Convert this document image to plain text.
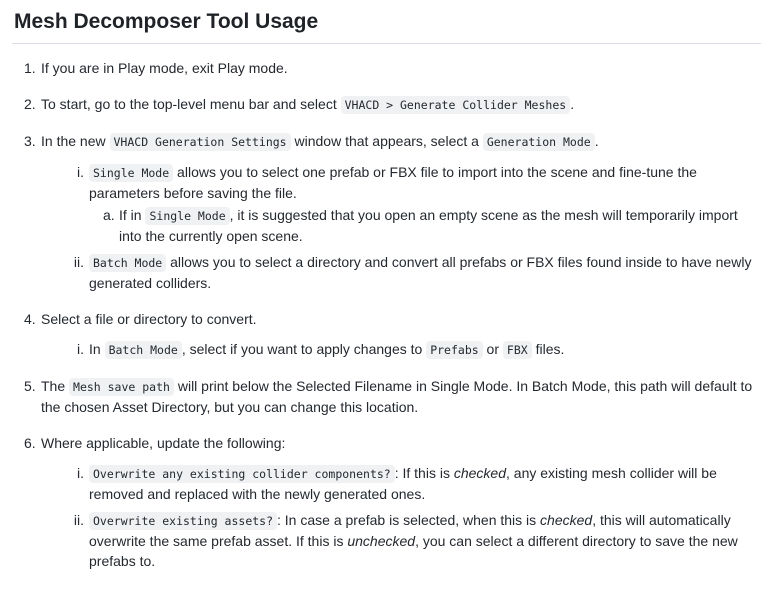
Mesh Decomposer Tool Usage
1. If you are in Play mode, exit Play mode.
2. To start, go to the top-level menu bar and select VHACD > Generate Collider Meshes .
3. In the new VHACD Generation Settings window that appears, select a Generation Mode .
i. Single Mode allows you to select one prefab or FBX file to import into the scene and fine-tune the parameters before saving the file.
a. If in Single Mode , it is suggested that you open an empty scene as the mesh will temporarily import into the currently open scene.
ii. Batch Mode allows you to select a directory and convert all prefabs or FBX files found inside to have newly generated colliders.
4. Select a file or directory to convert.
i. In Batch Mode , select if you want to apply changes to Prefabs or FBX files.
5. The Mesh save path will print below the Selected Filename in Single Mode. In Batch Mode, this path will default to the chosen Asset Directory, but you can change this location.
6. Where applicable, update the following:
i. Overwrite any existing collider components? : If this is checked, any existing mesh collider will be removed and replaced with the newly generated ones.
ii. Overwrite existing assets? : In case a prefab is selected, when this is checked, this will automatically overwrite the same prefab asset. If this is unchecked, you can select a different directory to save the new prefabs to.
